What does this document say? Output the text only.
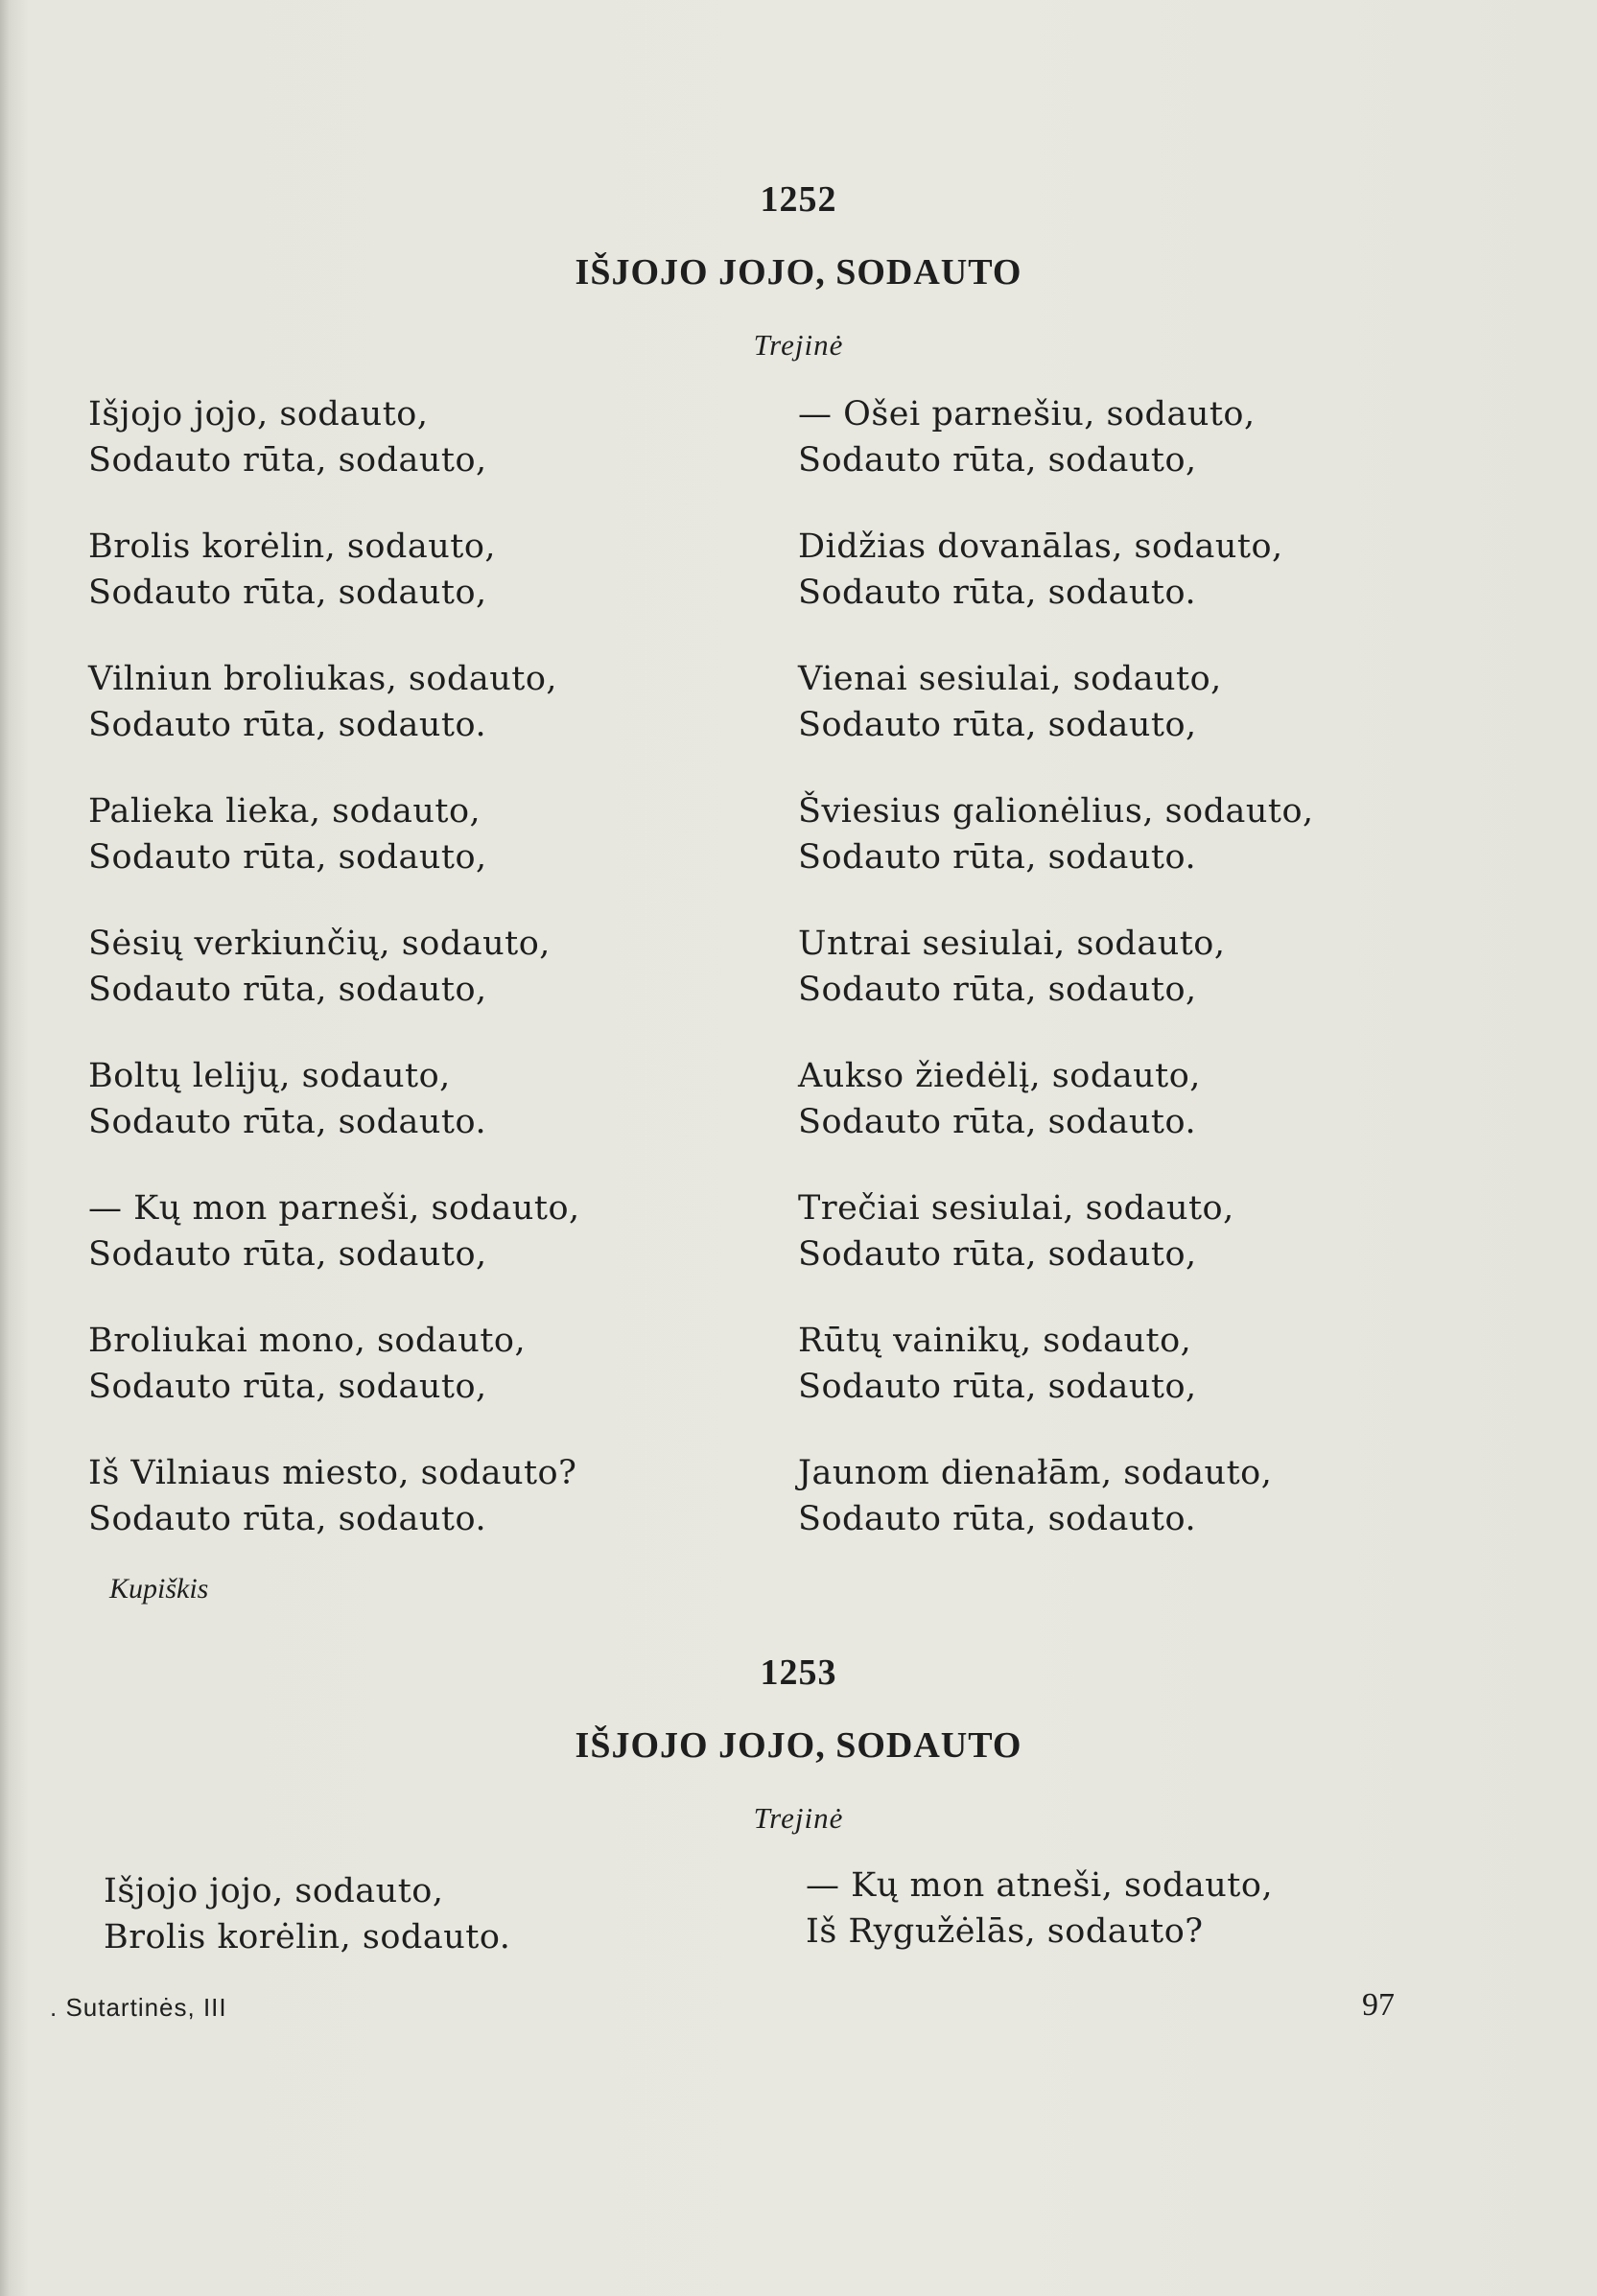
1252
IŠJOJO JOJO, SODAUTO
Trejinė
Išjojo jojo, sodauto,
Sodauto rūta, sodauto,
Brolis korėlin, sodauto,
Sodauto rūta, sodauto,
Vilniun broliukas, sodauto,
Sodauto rūta, sodauto.
Palieka lieka, sodauto,
Sodauto rūta, sodauto,
Sėsių verkiunčių, sodauto,
Sodauto rūta, sodauto,
Boltų lelijų, sodauto,
Sodauto rūta, sodauto.
— Kų mon parneši, sodauto,
Sodauto rūta, sodauto,
Broliukai mono, sodauto,
Sodauto rūta, sodauto,
Iš Vilniaus miesto, sodauto?
Sodauto rūta, sodauto.
— Ošei parnešiu, sodauto,
Sodauto rūta, sodauto,
Didžias dovanālas, sodauto,
Sodauto rūta, sodauto.
Vienai sesiulai, sodauto,
Sodauto rūta, sodauto,
Šviesius galionėlius, sodauto,
Sodauto rūta, sodauto.
Untrai sesiulai, sodauto,
Sodauto rūta, sodauto,
Aukso žiedėlį, sodauto,
Sodauto rūta, sodauto.
Trečiai sesiulai, sodauto,
Sodauto rūta, sodauto,
Rūtų vainikų, sodauto,
Sodauto rūta, sodauto,
Jaunom dienałām, sodauto,
Sodauto rūta, sodauto.
Kupiškis
1253
IŠJOJO JOJO, SODAUTO
Trejinė
Išjojo jojo, sodauto,
Brolis korėlin, sodauto.
— Kų mon atneši, sodauto,
Iš Rygužėlās, sodauto?
. Sutartinės, III	97
